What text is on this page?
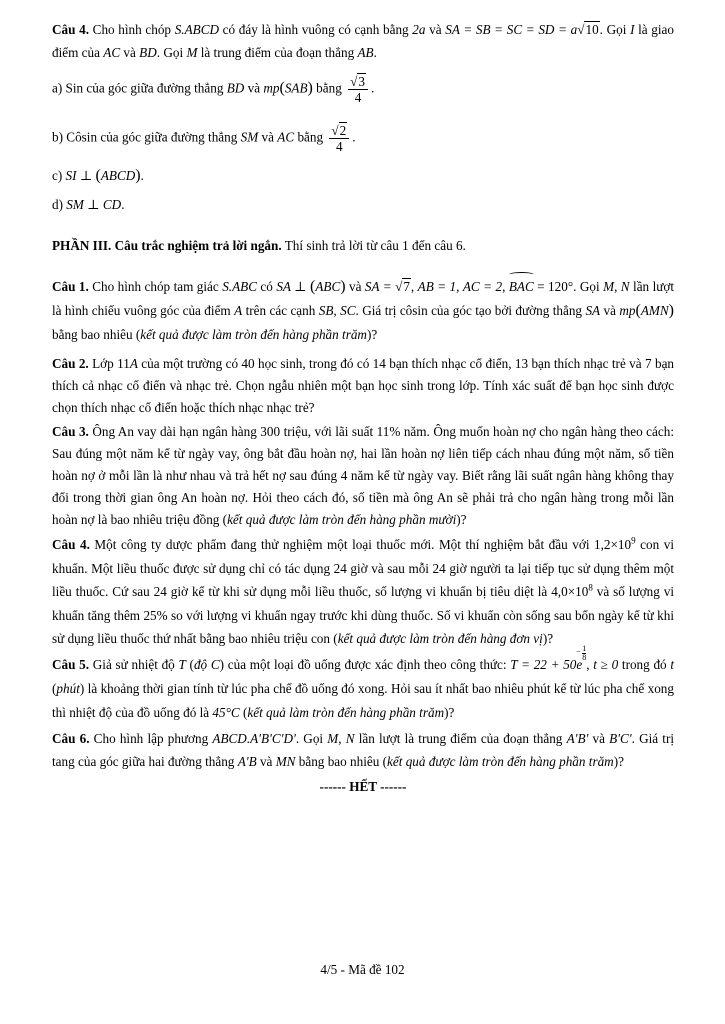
Câu 4. Cho hình chóp S.ABCD có đáy là hình vuông có cạnh bằng 2a và SA = SB = SC = SD = a√10. Gọi I là giao điểm của AC và BD. Gọi M là trung điểm của đoạn thẳng AB.

a) Sin của góc giữa đường thẳng BD và mp(SAB) bằng $\frac{√3}{4}$ .

b) Côsin của góc giữa đường thẳng SM và AC bằng $\frac{√2}{4}$ .

c) SI ⊥ (ABCD).

d) SM ⊥ CD.

PHẦN III. Câu trắc nghiệm trả lời ngắn. Thí sinh trả lời từ câu 1 đến câu 6.

Câu 1. Cho hình chóp tam giác S.ABC có SA ⊥ (ABC) và SA = √7, AB = 1, AC = 2,
BAC = 120°. Gọi M, N lần lượt là hình chiếu vuông góc của điểm A trên các cạnh SB, SC. Giá trị côsin của góc tạo bởi đường thẳng SA và mp(AMN) bằng bao nhiêu (kết quả được làm tròn đến hàng phần trăm)?

Câu 2. Lớp 11A của một trường có 40 học sinh, trong đó có 14 bạn thích nhạc cổ điển, 13 bạn thích nhạc trẻ và 7 bạn thích cả nhạc cổ điển và nhạc trẻ. Chọn ngẫu nhiên một bạn học sinh trong lớp. Tính xác suất để bạn học sinh được chọn thích nhạc cổ điển hoặc thích nhạc nhạc trẻ?

Câu 3. Ông An vay dài hạn ngân hàng 300 triệu, với lãi suất 11% năm. Ông muốn hoàn nợ cho ngân hàng theo cách: Sau đúng một năm kể từ ngày vay, ông bắt đầu hoàn nợ, hai lần hoàn nợ liên tiếp cách nhau đúng một năm, số tiền hoàn nợ ở mỗi lần là như nhau và trả hết nợ sau đúng 4 năm kể từ ngày vay. Biết rằng lãi suất ngân hàng không thay đổi trong thời gian ông An hoàn nợ. Hỏi theo cách đó, số tiền mà ông An sẽ phải trả cho ngân hàng trong mỗi lần hoàn nợ là bao nhiêu triệu đồng (kết quả được làm tròn đến hàng phần mười)?

Câu 4. Một công ty dược phẩm đang thử nghiệm một loại thuốc mới. Một thí nghiệm bắt đầu với $1,2\times 10^9$ con vi khuẩn. Một liều thuốc được sử dụng chỉ có tác dụng 24 giờ và sau mỗi 24 giờ người ta lại tiếp tục sử dụng thêm một liều thuốc. Cứ sau 24 giờ kể từ khi sử dụng mỗi liều thuốc, số lượng vi khuẩn bị tiêu diệt là $4,0\times 10^8$ và số lượng vi khuẩn tăng thêm 25% so với lượng vi khuẩn ngay trước khi dùng thuốc. Số vi khuẩn còn sống sau bốn ngày kể từ khi sử dụng liều thuốc thứ nhất bằng bao nhiêu triệu con (kết quả được làm tròn đến hàng đơn vị)?

Câu 5. Giả sử nhiệt độ T (độ C) của một loại đồ uống được xác định theo công thức: T = 22 + 50e
− 1
8 , t ≥ 0 trong đó t (phút) là khoảng thời gian tính từ lúc pha chế đồ uống đó xong. Hỏi sau ít nhất bao nhiêu phút kể từ lúc pha chế xong thì nhiệt độ của đồ uống đó là 45°C (kết quả làm tròn đến hàng phần trăm)?

Câu 6. Cho hình lập phương ABCD.A'B'C'D'. Gọi M, N lần lượt là trung điểm của đoạn thẳng A'B' và B'C'. Giá trị tang của góc giữa hai đường thẳng A'B và MN bằng bao nhiêu (kết quả được làm tròn đến hàng phần trăm)?

------ HẾT ------

4/5 - Mã đề 102
